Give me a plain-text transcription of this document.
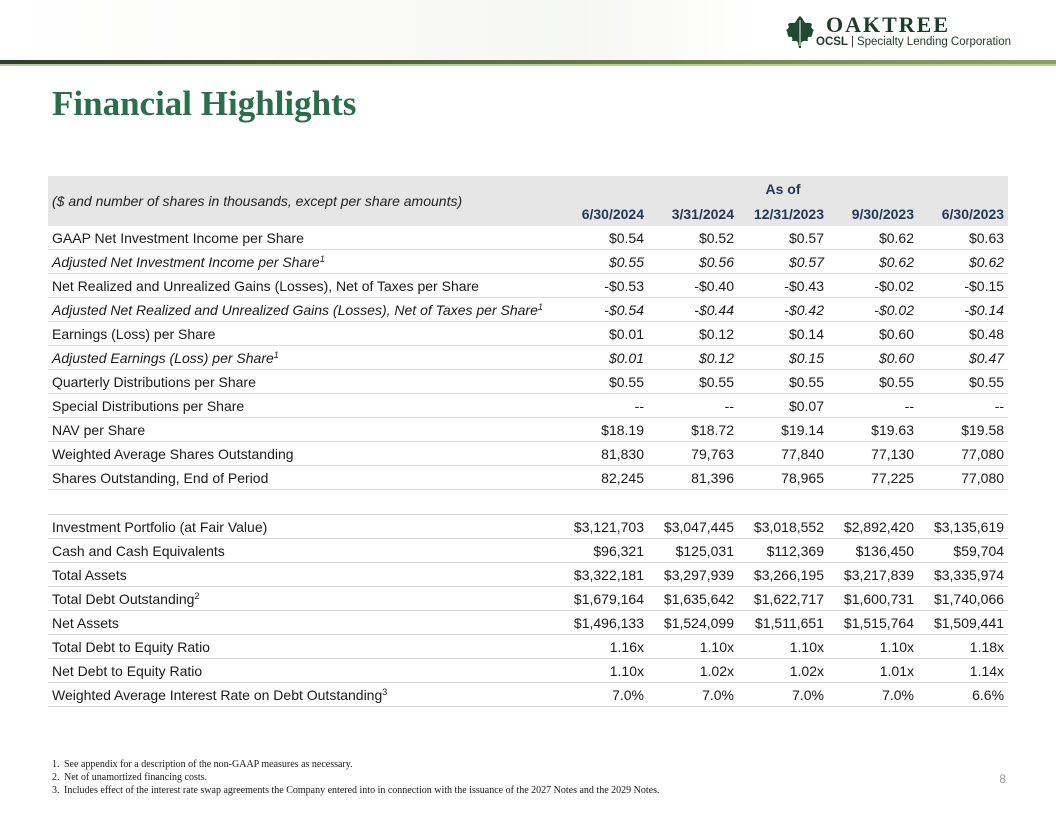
OAKTREE
OCSL | Specialty Lending Corporation
Financial Highlights
($ and number of shares in thousands, except per share amounts)	As of				
	6/30/2024	3/31/2024	12/31/2023	9/30/2023	6/30/2023
GAAP Net Investment Income per Share	$0.54	$0.52	$0.57	$0.62	$0.63
Adjusted Net Investment Income per Share$^1$	$0.55	$0.56	$0.57	$0.62	$0.62
Net Realized and Unrealized Gains (Losses), Net of Taxes per Share	-$0.53	-$0.40	-$0.43	-$0.02	-$0.15
Adjusted Net Realized and Unrealized Gains (Losses), Net of Taxes per Share$^1$	-$0.54	-$0.44	-$0.42	-$0.02	-$0.14
Earnings (Loss) per Share	$0.01	$0.12	$0.14	$0.60	$0.48
Adjusted Earnings (Loss) per Share$^1$	$0.01	$0.12	$0.15	$0.60	$0.47
Quarterly Distributions per Share	$0.55	$0.55	$0.55	$0.55	$0.55
Special Distributions per Share	--	--	$0.07	--	--
NAV per Share	$18.19	$18.72	$19.14	$19.63	$19.58
Weighted Average Shares Outstanding	81,830	79,763	77,840	77,130	77,080
Shares Outstanding, End of Period	82,245	81,396	78,965	77,225	77,080

Investment Portfolio (at Fair Value)	$3,121,703	$3,047,445	$3,018,552	$2,892,420	$3,135,619
Cash and Cash Equivalents	$96,321	$125,031	$112,369	$136,450	$59,704
Total Assets	$3,322,181	$3,297,939	$3,266,195	$3,217,839	$3,335,974
Total Debt Outstanding$^2$	$1,679,164	$1,635,642	$1,622,717	$1,600,731	$1,740,066
Net Assets	$1,496,133	$1,524,099	$1,511,651	$1,515,764	$1,509,441
Total Debt to Equity Ratio	1.16x	1.10x	1.10x	1.10x	1.18x
Net Debt to Equity Ratio	1.10x	1.02x	1.02x	1.01x	1.14x
Weighted Average Interest Rate on Debt Outstanding$^3$	7.0%	7.0%	7.0%	7.0%	6.6%
1. See appendix for a description of the non-GAAP measures as necessary.
2. Net of unamortized financing costs.
3. Includes effect of the interest rate swap agreements the Company entered into in connection with the issuance of the 2027 Notes and the 2029 Notes.
8
